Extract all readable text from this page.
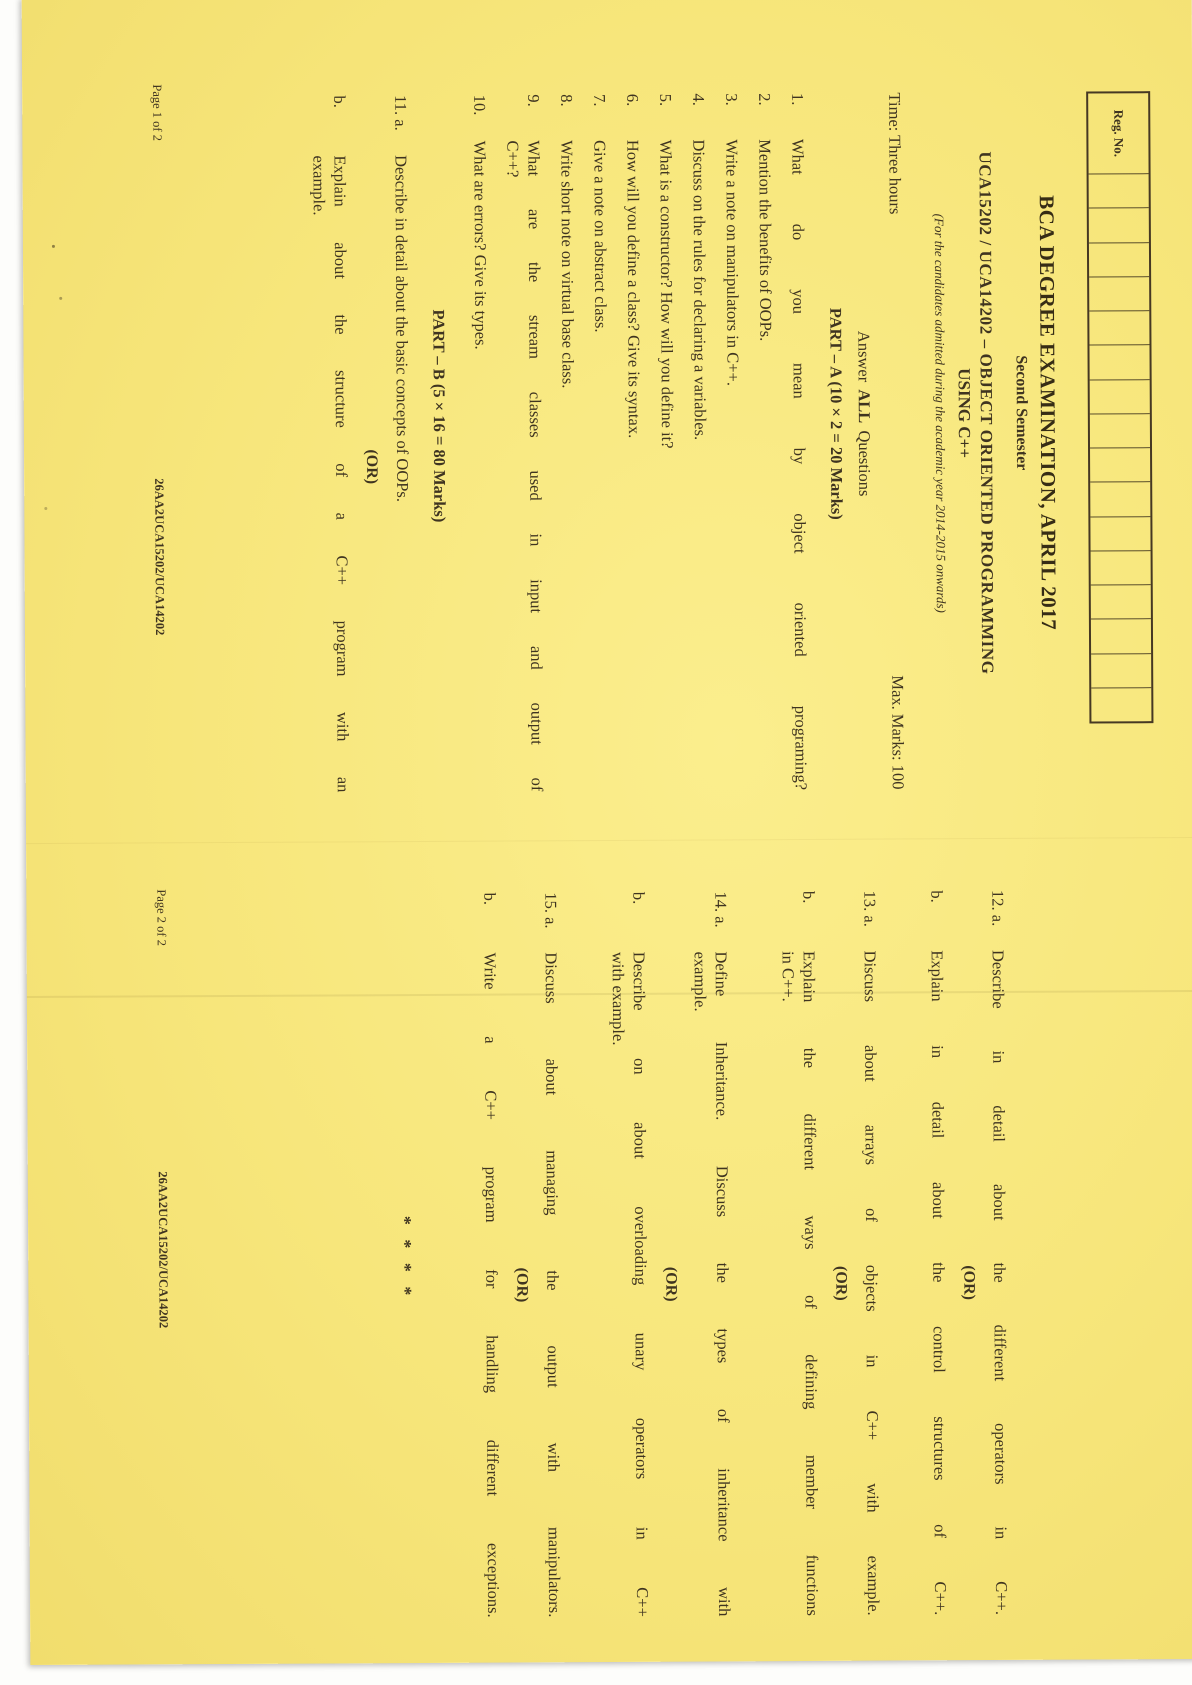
Reg. No.
BCA DEGREE EXAMINATION, APRIL 2017
Second Semester
UCA15202 / UCA14202 – OBJECT ORIENTED PROGRAMMING
USING C++
(For the candidates admitted during the academic year 2014-2015 onwards)
Time: Three hours
Max. Marks: 100
Answer ALL Questions
PART – A (10 × 2 = 20 Marks)
1.
What do you mean by object oriented programing?
2.
Mention the benefits of OOPs.
3.
Write a note on manipulators in C++.
4.
Discuss on the rules for declaring a variables.
5.
What is a constructor? How will you define it?
6.
How will you define a class? Give its syntax.
7.
Give a note on abstract class.
8.
Write short note on virtual base class.
9.
What are the stream classes used in input and output of
C++?
10.
What are errors? Give its types.
PART – B (5 × 16 = 80 Marks)
11. a.
Describe in detail about the basic concepts of OOPs.
(OR)
b.
Explain about the structure of a C++ program with an
example.
Page 1 of 2
26AA2UCA15202/UCA14202
12. a.
Describe in detail about the different operators in C++.
(OR)
b.
Explain in detail about the control structures of C++.
13. a.
Discuss about arrays of objects in C++ with example.
(OR)
b.
Explain the different ways of defining member functions
in C++.
14. a.
Define Inheritance. Discuss the types of inheritance with
example.
(OR)
b.
Describe on about overloading unary operators in C++
with example.
15. a.
Discuss about managing the output with manipulators.
(OR)
b.
Write a C++ program for handling different exceptions.
* * * *
Page 2 of 2
26AA2UCA15202/UCA14202
